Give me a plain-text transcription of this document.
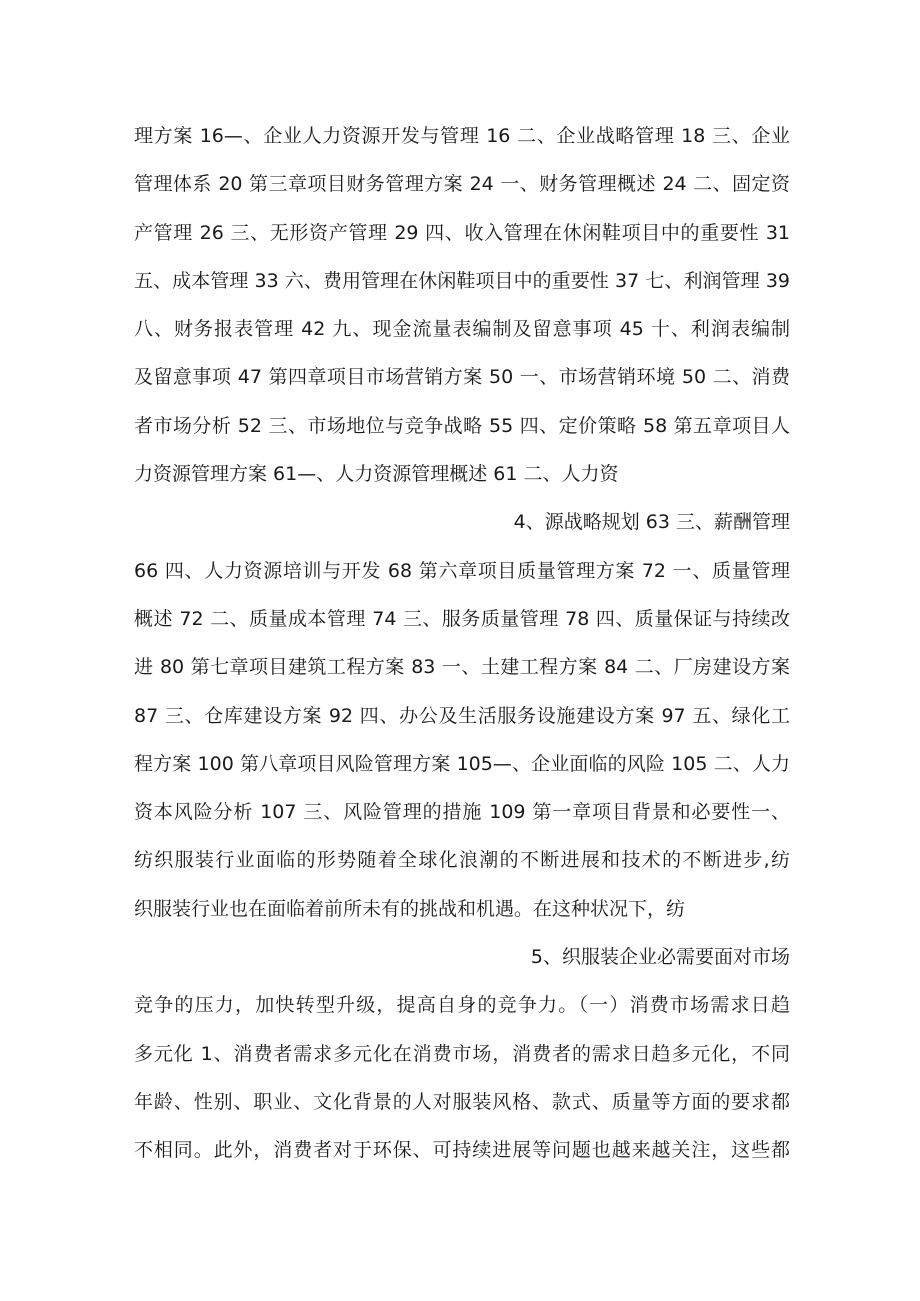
理方案 16—、企业人力资源开发与管理 16 二、企业战略管理 18 三、企业
管理体系 20 第三章项目财务管理方案 24 一、财务管理概述 24 二、固定资
产管理 26 三、无形资产管理 29 四、收入管理在休闲鞋项目中的重要性 31
五、成本管理 33 六、费用管理在休闲鞋项目中的重要性 37 七、利润管理 39
八、财务报表管理 42 九、现金流量表编制及留意事项 45 十、利润表编制
及留意事项 47 第四章项目市场营销方案 50 一、市场营销环境 50 二、消费
者市场分析 52 三、市场地位与竞争战略 55 四、定价策略 58 第五章项目人
力资源管理方案 61—、人力资源管理概述 61 二、人力资
4、源战略规划 63 三、薪酬管理
66 四、人力资源培训与开发 68 第六章项目质量管理方案 72 一、质量管理
概述 72 二、质量成本管理 74 三、服务质量管理 78 四、质量保证与持续改
进 80 第七章项目建筑工程方案 83 一、土建工程方案 84 二、厂房建设方案
87 三、仓库建设方案 92 四、办公及生活服务设施建设方案 97 五、绿化工
程方案 100 第八章项目风险管理方案 105—、企业面临的风险 105 二、人力
资本风险分析 107 三、风险管理的措施 109 第一章项目背景和必要性一、
纺织服装行业面临的形势随着全球化浪潮的不断进展和技术的不断进步,纺
织服装行业也在面临着前所未有的挑战和机遇。在这种状况下，纺
5、织服装企业必需要面对市场
竞争的压力，加快转型升级，提高自身的竞争力。（一）消费市场需求日趋
多元化 1、消费者需求多元化在消费市场，消费者的需求日趋多元化，不同
年龄、性别、职业、文化背景的人对服装风格、款式、质量等方面的要求都
不相同。此外，消费者对于环保、可持续进展等问题也越来越关注，这些都
